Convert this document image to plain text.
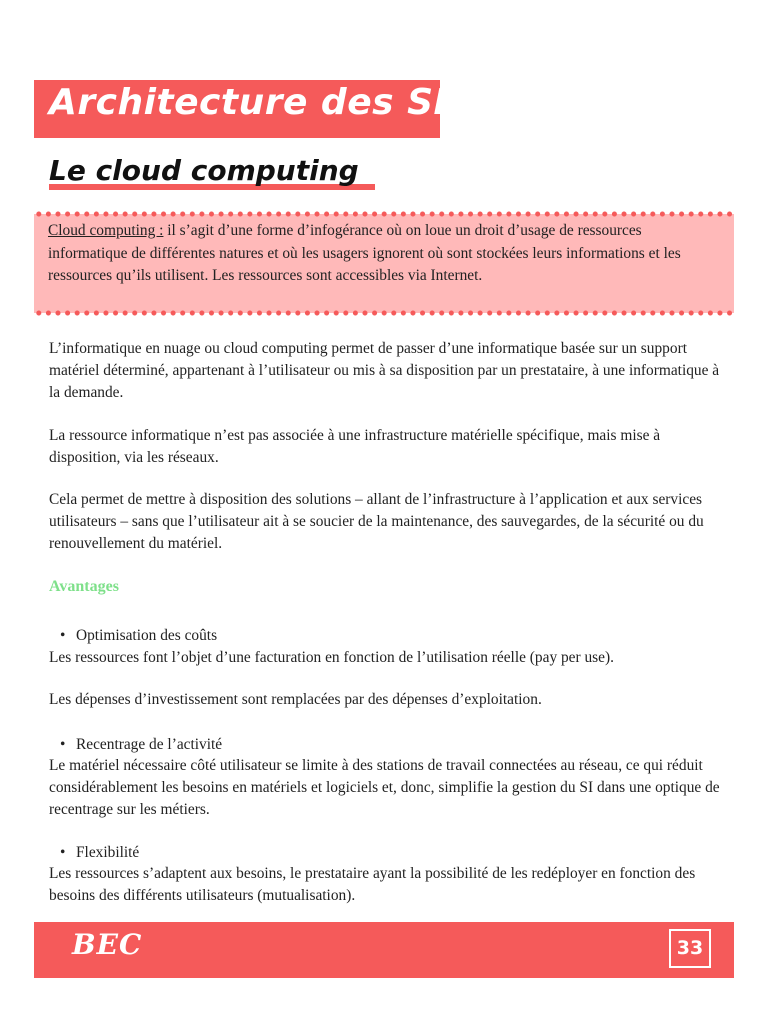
Architecture des SI
Le cloud computing
Cloud computing : il s’agit d’une forme d’infogérance où on loue un droit d’usage de ressources informatique de différentes natures et où les usagers ignorent où sont stockées leurs informations et les ressources qu’ils utilisent. Les ressources sont accessibles via Internet.
L’informatique en nuage ou cloud computing permet de passer d’une informatique basée sur un support matériel déterminé, appartenant à l’utilisateur ou mis à sa disposition par un prestataire, à une informatique à la demande.
La ressource informatique n’est pas associée à une infrastructure matérielle spécifique, mais mise à disposition, via les réseaux.
Cela permet de mettre à disposition des solutions – allant de l’infrastructure à l’application et aux services utilisateurs – sans que l’utilisateur ait à se soucier de la maintenance, des sauvegardes, de la sécurité ou du renouvellement du matériel.
Avantages
• Optimisation des coûts
Les ressources font l’objet d’une facturation en fonction de l’utilisation réelle (pay per use).
Les dépenses d’investissement sont remplacées par des dépenses d’exploitation.
• Recentrage de l’activité
Le matériel nécessaire côté utilisateur se limite à des stations de travail connectées au réseau, ce qui réduit considérablement les besoins en matériels et logiciels et, donc, simplifie la gestion du SI dans une optique de recentrage sur les métiers.
• Flexibilité
Les ressources s’adaptent aux besoins, le prestataire ayant la possibilité de les redéployer en fonction des besoins des différents utilisateurs (mutualisation).
BEC	33
